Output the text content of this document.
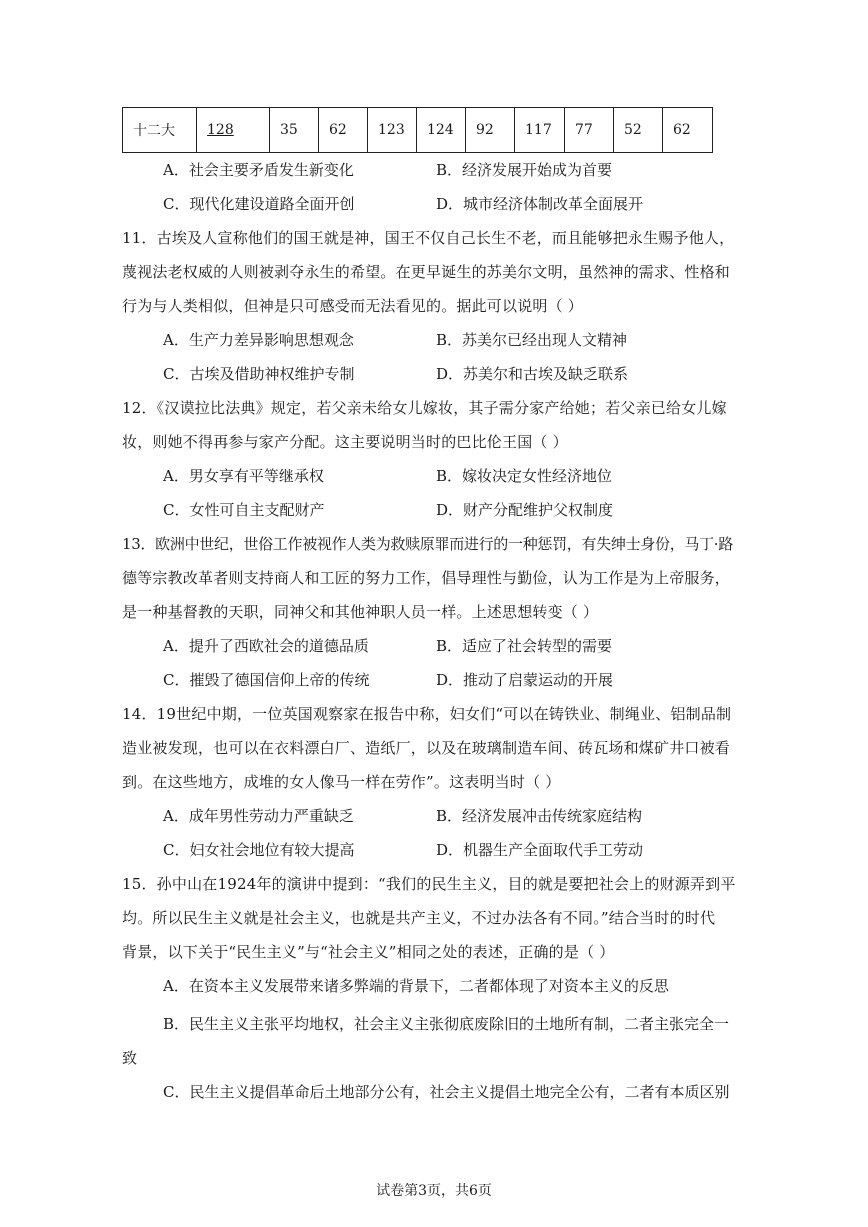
十二大	128	35	62	123	124	92	117	77	52	62
A．社会主要矛盾发生新变化	B．经济发展开始成为首要
C．现代化建设道路全面开创	D．城市经济体制改革全面展开
11．古埃及人宣称他们的国王就是神，国王不仅自己长生不老，而且能够把永生赐予他人，
蔑视法老权威的人则被剥夺永生的希望。在更早诞生的苏美尔文明，虽然神的需求、性格和
行为与人类相似，但神是只可感受而无法看见的。据此可以说明（ ）
A．生产力差异影响思想观念	B．苏美尔已经出现人文精神
C．古埃及借助神权维护专制	D．苏美尔和古埃及缺乏联系
12．《汉谟拉比法典》规定，若父亲未给女儿嫁妆，其子需分家产给她；若父亲已给女儿嫁
妆，则她不得再参与家产分配。这主要说明当时的巴比伦王国（ ）
A．男女享有平等继承权	B．嫁妆决定女性经济地位
C．女性可自主支配财产	D．财产分配维护父权制度
13．欧洲中世纪，世俗工作被视作人类为救赎原罪而进行的一种惩罚，有失绅士身份，马丁·路
德等宗教改革者则支持商人和工匠的努力工作，倡导理性与勤俭，认为工作是为上帝服务，
是一种基督教的天职，同神父和其他神职人员一样。上述思想转变（ ）
A．提升了西欧社会的道德品质	B．适应了社会转型的需要
C．摧毁了德国信仰上帝的传统	D．推动了启蒙运动的开展
14．19世纪中期，一位英国观察家在报告中称，妇女们“可以在铸铁业、制绳业、铝制品制
造业被发现，也可以在衣料漂白厂、造纸厂，以及在玻璃制造车间、砖瓦场和煤矿井口被看
到。在这些地方，成堆的女人像马一样在劳作”。这表明当时（ ）
A．成年男性劳动力严重缺乏	B．经济发展冲击传统家庭结构
C．妇女社会地位有较大提高	D．机器生产全面取代手工劳动
15．孙中山在1924年的演讲中提到：“我们的民生主义，目的就是要把社会上的财源弄到平
均。所以民生主义就是社会主义，也就是共产主义，不过办法各有不同。”结合当时的时代
背景，以下关于“民生主义”与“社会主义”相同之处的表述，正确的是（ ）
A．在资本主义发展带来诸多弊端的背景下，二者都体现了对资本主义的反思
B．民生主义主张平均地权，社会主义主张彻底废除旧的土地所有制，二者主张完全一
致
C．民生主义提倡革命后土地部分公有，社会主义提倡土地完全公有，二者有本质区别
试卷第3页，共6页
